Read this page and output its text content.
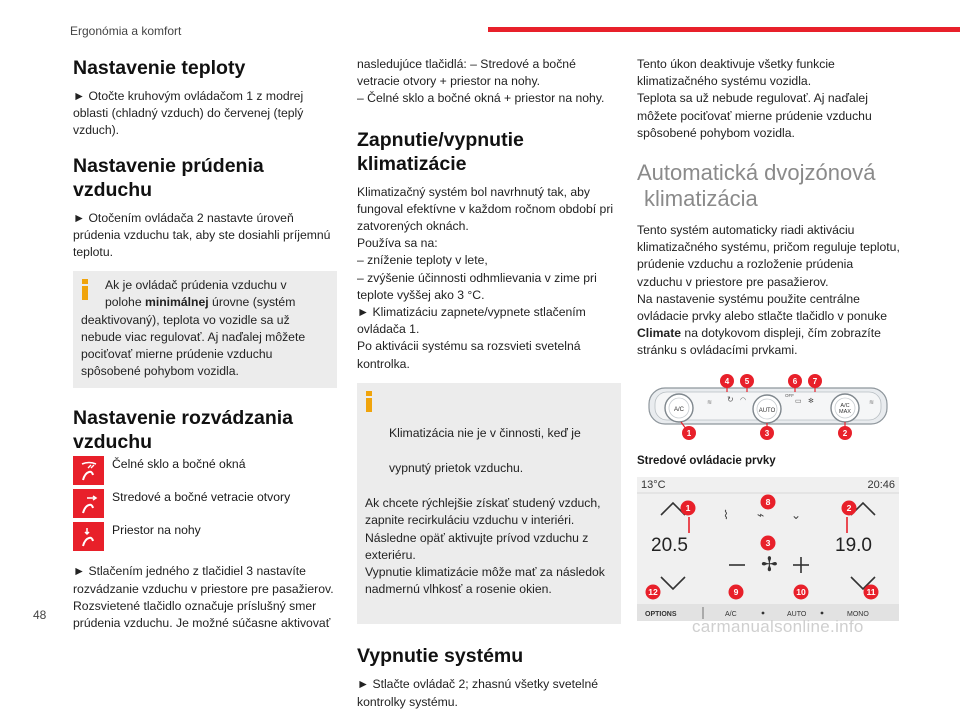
Ergonómia a komfort
Nastavenie teploty

► Otočte kruhovým ovládačom 1 z modrej oblasti (chladný vzduch) do červenej (teplý vzduch).

Nastavenie prúdenia
vzduchu

► Otočením ovládača 2 nastavte úroveň prúdenia vzduchu tak, aby ste dosiahli príjemnú teplotu.

Ak je ovládač prúdenia vzduchu v

polohe minimálnej úrovne (systém

deaktivovaný), teplota vo vozidle sa už nebude viac regulovať. Aj naďalej môžete pociťovať mierne prúdenie vzduchu spôsobené pohybom vozidla.

Nastavenie rozvádzania
vzduchu
Čelné sklo a bočné okná
Stredové a bočné vetracie otvory
Priestor na nohy

► Stlačením jedného z tlačidiel 3 nastavíte rozvádzanie vzduchu v priestore pre pasažierov. Rozsvietené tlačidlo označuje príslušný smer prúdenia vzduchu. Je možné súčasne aktivovať

nasledujúce tlačidlá: – Stredové a bočné vetracie otvory + priestor na nohy.
– Čelné sklo a bočné okná + priestor na nohy.

Zapnutie/vypnutie
klimatizácie

Klimatizačný systém bol navrhnutý tak, aby fungoval efektívne v každom ročnom období pri zatvorených oknách.
Používa sa na:
– zníženie teploty v lete,
– zvýšenie účinnosti odhmlievania v zime pri teplote vyššej ako 3 °C.
► Klimatizáciu zapnete/vypnete stlačením ovládača 1.
Po aktivácii systému sa rozsvieti svetelná kontrolka.

Klimatizácia nie je v činnosti, keď je

vypnutý prietok vzduchu.

Ak chcete rýchlejšie získať studený vzduch, zapnite recirkuláciu vzduchu v interiéri. Následne opäť aktivujte prívod vzduchu z exteriéru.
Vypnutie klimatizácie môže mať za následok nadmernú vlhkosť a rosenie okien.

Vypnutie systému

► Stlačte ovládač 2; zhasnú všetky svetelné kontrolky systému.

Tento úkon deaktivuje všetky funkcie klimatizačného systému vozidla.
Teplota sa už nebude regulovať. Aj naďalej môžete pociťovať mierne prúdenie vzduchu spôsobené pohybom vozidla.

Automatická dvojzónová
klimatizácia

Tento systém automaticky riadi aktiváciu klimatizačného systému, pričom reguluje teplotu, prúdenie vzduchu a rozloženie prúdenia vzduchu v priestore pre pasažierov.
Na nastavenie systému použite centrálne ovládacie prvky alebo stlačte tlačidlo v ponuke Climate na dotykovom displeji, čím zobrazíte stránku s ovládacími prvkami.

A/C	AUTO
A/C
MAX
↻ ◠
OFF
▭ ✻
≋	≋
4 5	6 7
1	3	2
Stredové ovládacie prvky
13°C	20:46
20.5	19.0
⌇ ⌁ ⌄
✢
OPTIONS	A/C	AUTO	MONO
8
1	2
3
12	9	10	11
48
carmanualsonline.info
